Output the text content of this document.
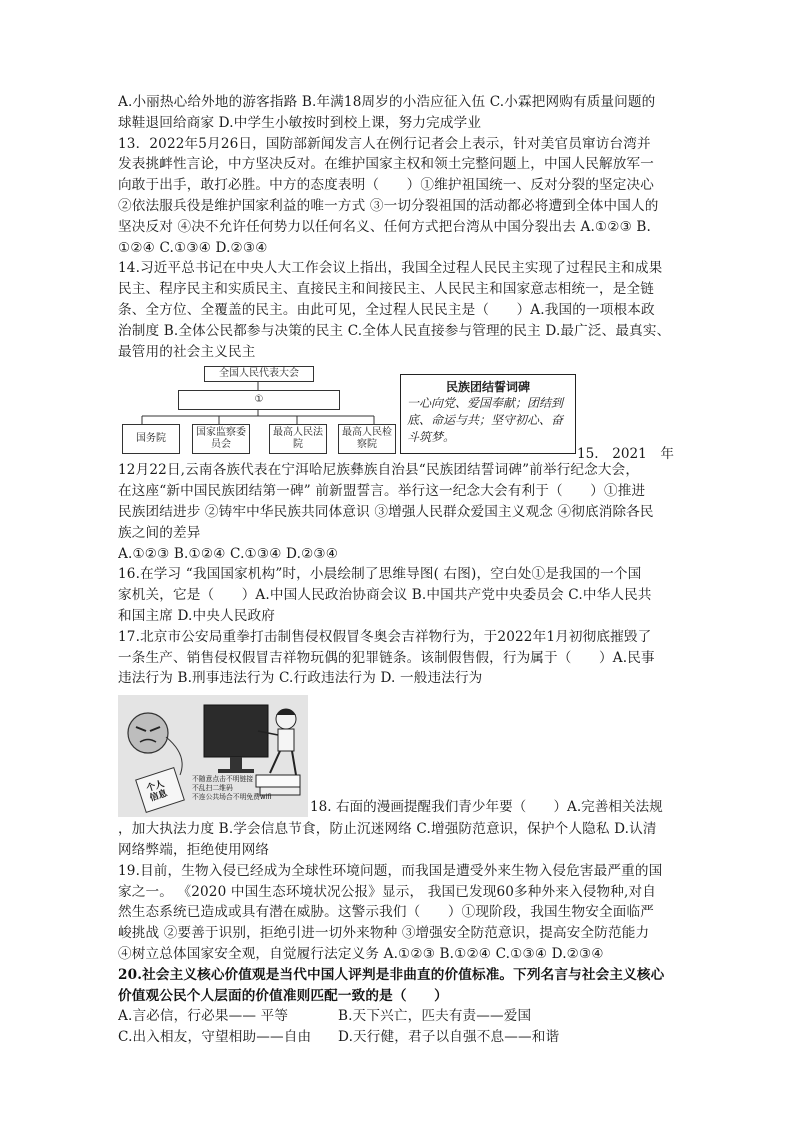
A.小丽热心给外地的游客指路 B.年满18周岁的小浩应征入伍 C.小霖把网购有质量问题的
球鞋退回给商家 D.中学生小敏按时到校上课，努力完成学业
13．2022年5月26日，国防部新闻发言人在例行记者会上表示，针对美官员窜访台湾并
发表挑衅性言论，中方坚决反对。在维护国家主权和领土完整问题上，中国人民解放军一
向敢于出手，敢打必胜。中方的态度表明（　　）①维护祖国统一、反对分裂的坚定决心
②依法服兵役是维护国家利益的唯一方式 ③一切分裂祖国的活动都必将遭到全体中国人的
坚决反对 ④决不允许任何势力以任何名义、任何方式把台湾从中国分裂出去 A.①②③ B.
①②④ C.①③④ D.②③④
14.习近平总书记在中央人大工作会议上指出，我国全过程人民民主实现了过程民主和成果
民主、程序民主和实质民主、直接民主和间接民主、人民民主和国家意志相统一，是全链
条、全方位、全覆盖的民主。由此可见，全过程人民民主是（　　）A.我国的一项根本政
治制度 B.全体公民都参与决策的民主 C.全体人民直接参与管理的民主 D.最广泛、最真实、
最管用的社会主义民主
全国人民代表大会
①
国务院
国家监察委员会
最高人民法院
最高人民检察院
民族团结誓词碑
一心向党、爱国奉献；团结到底、命运与共；坚守初心、奋斗筑梦。
15.　2021　年
12月22日,云南各族代表在宁洱哈尼族彝族自治县“民族团结誓词碑”前举行纪念大会，
在这座“新中国民族团结第一碑” 前新盟誓言。举行这一纪念大会有利于（　　）①推进
民族团结进步 ②铸牢中华民族共同体意识 ③增强人民群众爱国主义观念 ④彻底消除各民
族之间的差异
A.①②③ B.①②④ C.①③④ D.②③④
16.在学习 “我国国家机构”时，小晨绘制了思维导图( 右图)，空白处①是我国的一个国
家机关，它是（　　）A.中国人民政治协商会议 B.中国共产党中央委员会 C.中华人民共
和国主席 D.中央人民政府
17.北京市公安局重拳打击制售侵权假冒冬奥会吉祥物行为，于2022年1月初彻底摧毁了
一条生产、销售侵权假冒吉祥物玩偶的犯罪链条。该制假售假，行为属于（　　）A.民事
违法行为 B.刑事违法行为 C.行政违法行为 D. 一般违法行为
个人信息
不随意点击不明链接
不乱扫二维码
不连公共场合不明免费wifi
18. 右面的漫画提醒我们青少年要（　　）A.完善相关法规
，加大执法力度 B.学会信息节食，防止沉迷网络 C.增强防范意识，保护个人隐私 D.认清
网络弊端，拒绝使用网络
19.目前，生物入侵已经成为全球性环境问题，而我国是遭受外来生物入侵危害最严重的国
家之一。 《2020 中国生态环境状况公报》显示， 我国已发现60多种外来入侵物种,对自
然生态系统已造成或具有潜在威胁。这警示我们（　　）①现阶段，我国生物安全面临严
峻挑战 ②要善于识别，拒绝引进一切外来物种 ③增强安全防范意识，提高安全防范能力
④树立总体国家安全观，自觉履行法定义务 A.①②③ B.①②④ C.①③④ D.②③④
20.社会主义核心价值观是当代中国人评判是非曲直的价值标准。下列名言与社会主义核心
价值观公民个人层面的价值准则匹配一致的是（　　）
A.言必信，行必果—— 平等	B.天下兴亡，匹夫有责——爱国
C.出入相友，守望相助——自由	D.天行健，君子以自强不息——和谐
